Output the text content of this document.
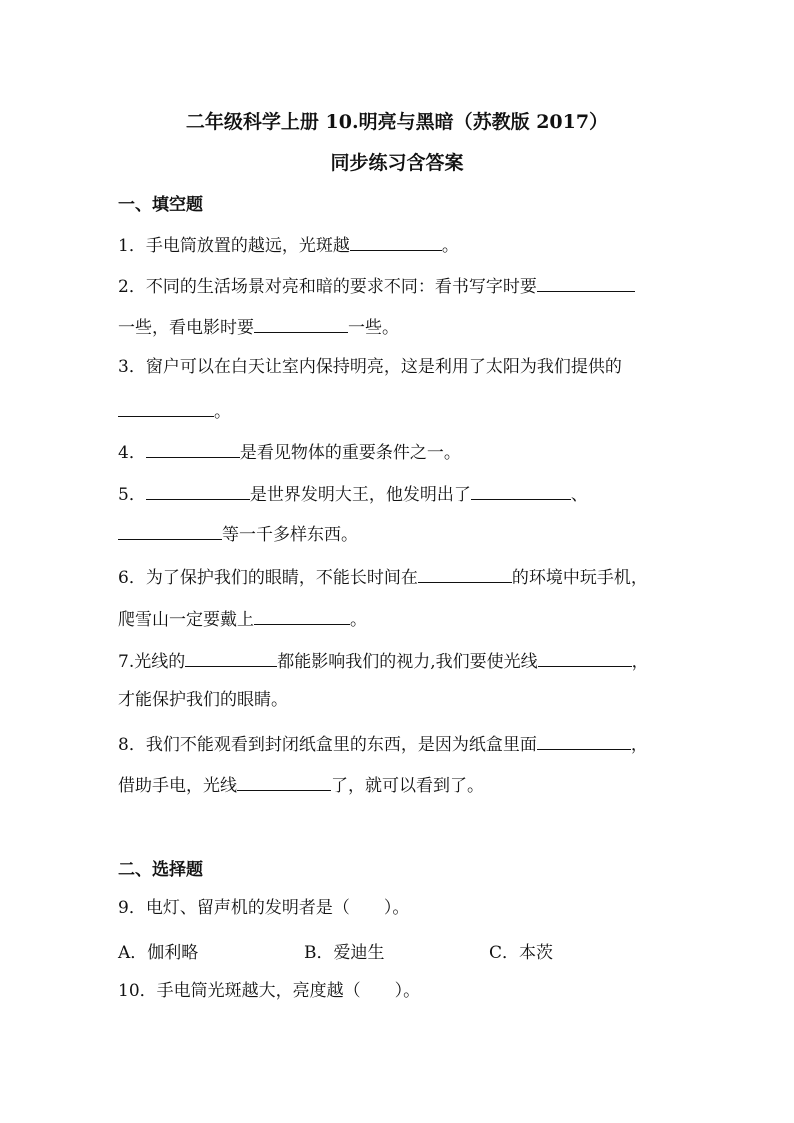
二年级科学上册 10.明亮与黑暗（苏教版 2017）
同步练习含答案
一、填空题
1．手电筒放置的越远，光斑越	。
2．不同的生活场景对亮和暗的要求不同：看书写字时要
一些，看电影时要	一些。
3．窗户可以在白天让室内保持明亮，这是利用了太阳为我们提供的
。
4．	是看见物体的重要条件之一。
5．	是世界发明大王，他发明出了	、
等一千多样东西。
6．为了保护我们的眼睛，不能长时间在	的环境中玩手机，
爬雪山一定要戴上	。
7.光线的	都能影响我们的视力,我们要使光线	，
才能保护我们的眼睛。
8．我们不能观看到封闭纸盒里的东西，是因为纸盒里面	，
借助手电，光线	了，就可以看到了。
二、选择题
9．电灯、留声机的发明者是（　　）。
A．伽利略	B．爱迪生	C．本茨
10．手电筒光斑越大，亮度越（　　）。
